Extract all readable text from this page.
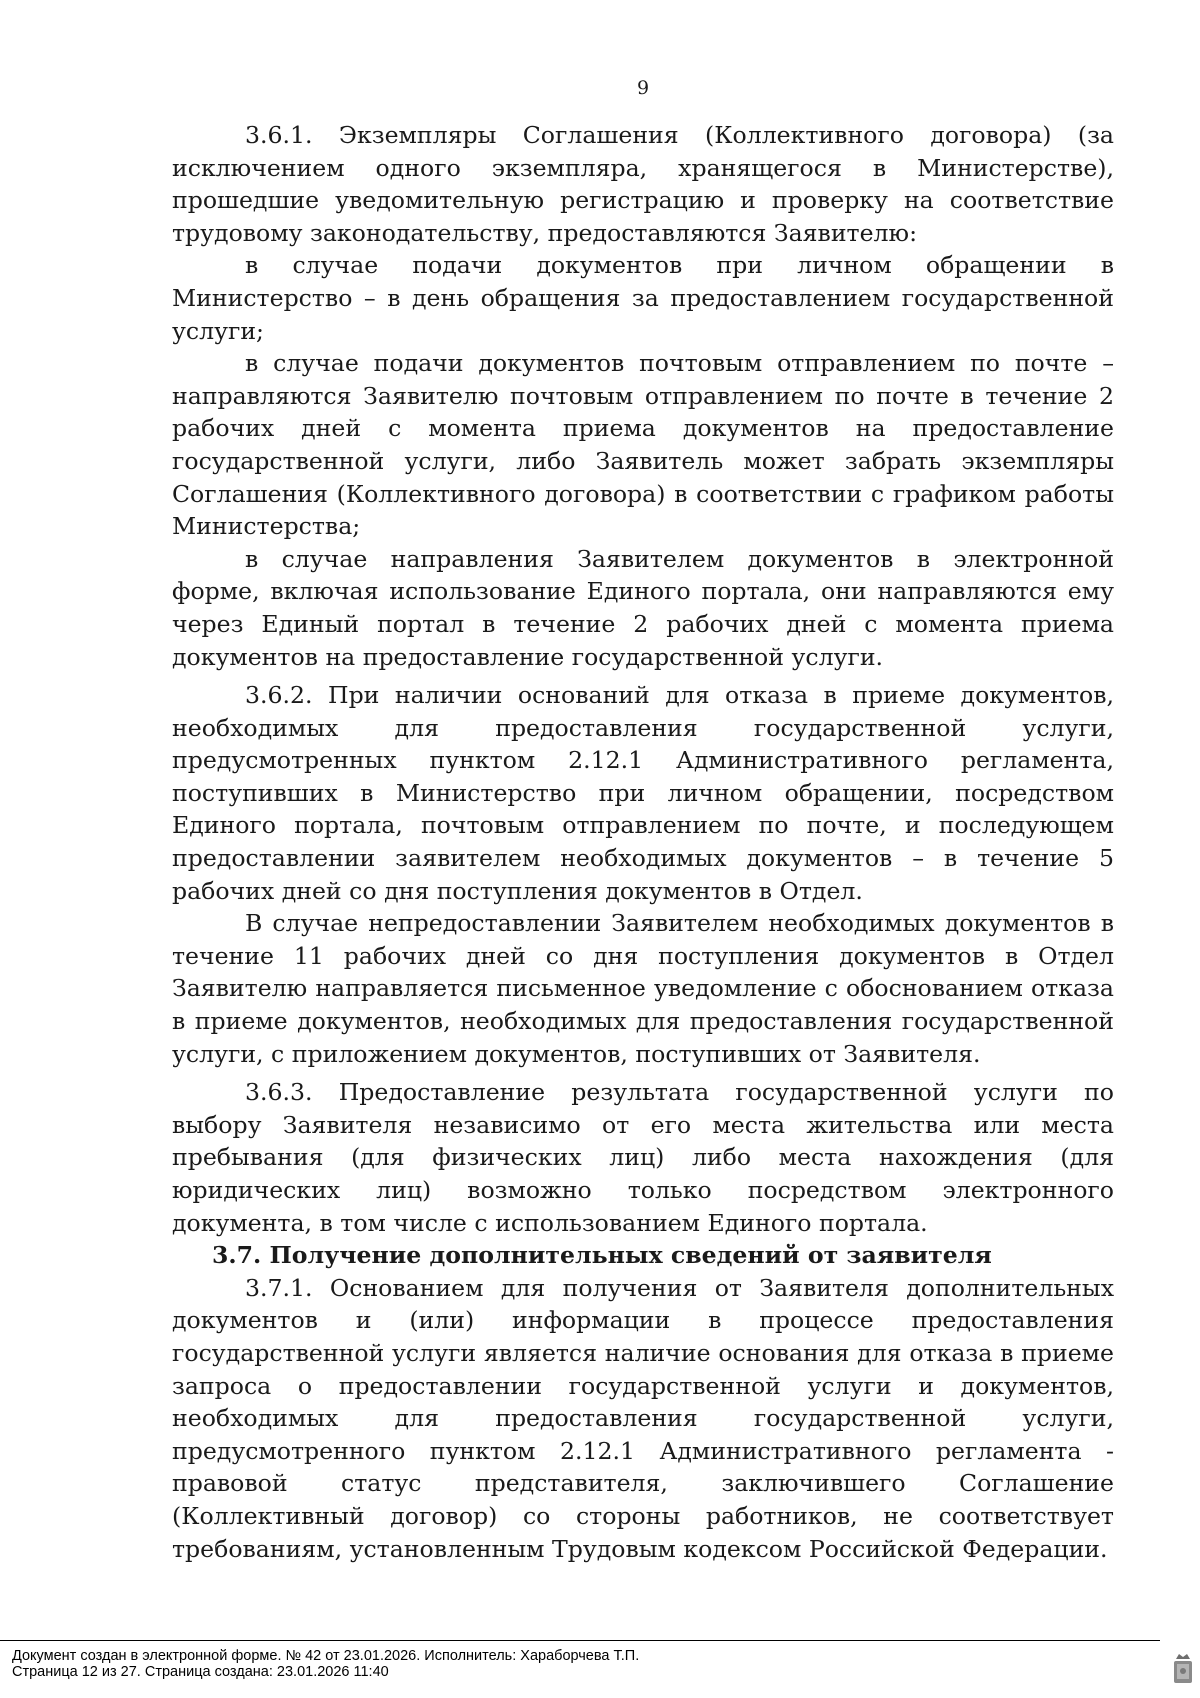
9

3.6.1. Экземпляры Соглашения (Коллективного договора) (за исключением одного экземпляра, хранящегося в Министерстве), прошедшие уведомительную регистрацию и проверку на соответствие трудовому законодательству, предоставляются Заявителю:

в случае подачи документов при личном обращении в Министерство – в день обращения за предоставлением государственной услуги;

в случае подачи документов почтовым отправлением по почте – направляются Заявителю почтовым отправлением по почте в течение 2 рабочих дней с момента приема документов на предоставление государственной услуги, либо Заявитель может забрать экземпляры Соглашения (Коллективного договора) в соответствии с графиком работы Министерства;

в случае направления Заявителем документов в электронной форме, включая использование Единого портала, они направляются ему через Единый портал в течение 2 рабочих дней с момента приема документов на предоставление государственной услуги.

3.6.2. При наличии оснований для отказа в приеме документов, необходимых для предоставления государственной услуги, предусмотренных пунктом 2.12.1 Административного регламента, поступивших в Министерство при личном обращении, посредством Единого портала, почтовым отправлением по почте, и последующем предоставлении заявителем необходимых документов – в течение 5 рабочих дней со дня поступления документов в Отдел.

В случае непредоставлении Заявителем необходимых документов в течение 11 рабочих дней со дня поступления документов в Отдел Заявителю направляется письменное уведомление с обоснованием отказа в приеме документов, необходимых для предоставления государственной услуги, с приложением документов, поступивших от Заявителя.

3.6.3. Предоставление результата государственной услуги по выбору Заявителя независимо от его места жительства или места пребывания (для физических лиц) либо места нахождения (для юридических лиц) возможно только посредством электронного документа, в том числе с использованием Единого портала.

3.7. Получение дополнительных сведений от заявителя

3.7.1. Основанием для получения от Заявителя дополнительных документов и (или) информации в процессе предоставления государственной услуги является наличие основания для отказа в приеме запроса о предоставлении государственной услуги и документов, необходимых для предоставления государственной услуги, предусмотренного пунктом 2.12.1 Административного регламента - правовой статус представителя, заключившего Соглашение (Коллективный договор) со стороны работников, не соответствует требованиям, установленным Трудовым кодексом Российской Федерации.

Документ создан в электронной форме. № 42 от 23.01.2026. Исполнитель: Хараборчева Т.П.
Страница 12 из 27. Страница создана: 23.01.2026 11:40
